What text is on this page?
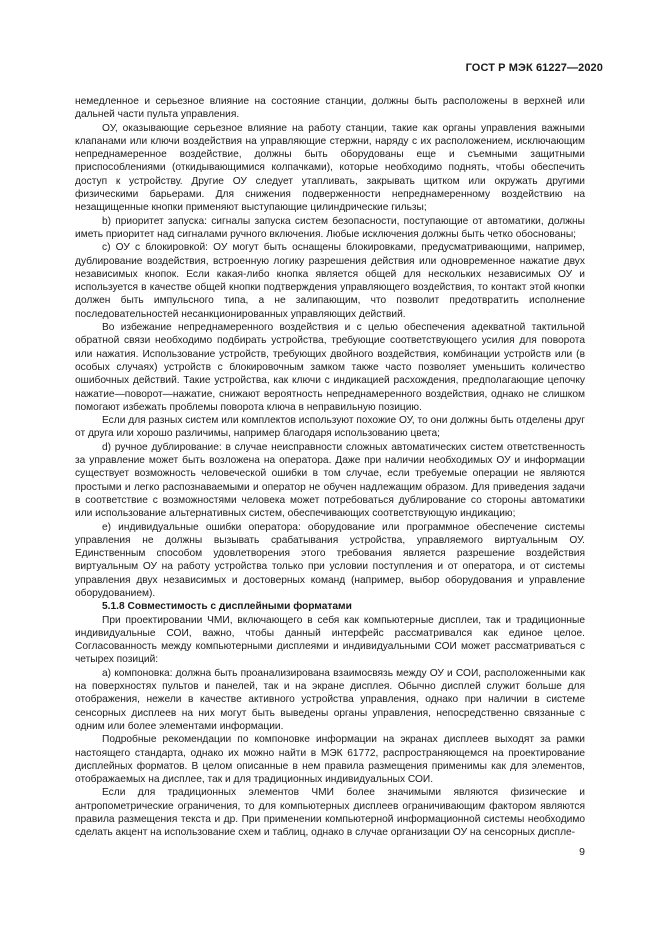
ГОСТ Р МЭК 61227—2020

немедленное и серьезное влияние на состояние станции, должны быть расположены в верхней или дальней части пульта управления.

ОУ, оказывающие серьезное влияние на работу станции, такие как органы управления важными клапанами или ключи воздействия на управляющие стержни, наряду с их расположением, исключающим непреднамеренное воздействие, должны быть оборудованы еще и съемными защитными приспособлениями (откидывающимися колпачками), которые необходимо поднять, чтобы обеспечить доступ к устройству. Другие ОУ следует утапливать, закрывать щитком или окружать другими физическими барьерами. Для снижения подверженности непреднамеренному воздействию на незащищенные кнопки применяют выступающие цилиндрические гильзы;

b) приоритет запуска: сигналы запуска систем безопасности, поступающие от автоматики, должны иметь приоритет над сигналами ручного включения. Любые исключения должны быть четко обоснованы;

c) ОУ с блокировкой: ОУ могут быть оснащены блокировками, предусматривающими, например, дублирование воздействия, встроенную логику разрешения действия или одновременное нажатие двух независимых кнопок. Если какая-либо кнопка является общей для нескольких независимых ОУ и используется в качестве общей кнопки подтверждения управляющего воздействия, то контакт этой кнопки должен быть импульсного типа, а не залипающим, что позволит предотвратить исполнение последовательностей несанкционированных управляющих действий.

Во избежание непреднамеренного воздействия и с целью обеспечения адекватной тактильной обратной связи необходимо подбирать устройства, требующие соответствующего усилия для поворота или нажатия. Использование устройств, требующих двойного воздействия, комбинации устройств или (в особых случаях) устройств с блокировочным замком также часто позволяет уменьшить количество ошибочных действий. Такие устройства, как ключи с индикацией расхождения, предполагающие цепочку нажатие—поворот—нажатие, снижают вероятность непреднамеренного воздействия, однако не слишком помогают избежать проблемы поворота ключа в неправильную позицию.

Если для разных систем или комплектов используют похожие ОУ, то они должны быть отделены друг от друга или хорошо различимы, например благодаря использованию цвета;

d) ручное дублирование: в случае неисправности сложных автоматических систем ответственность за управление может быть возложена на оператора. Даже при наличии необходимых ОУ и информации существует возможность человеческой ошибки в том случае, если требуемые операции не являются простыми и легко распознаваемыми и оператор не обучен надлежащим образом. Для приведения задачи в соответствие с возможностями человека может потребоваться дублирование со стороны автоматики или использование альтернативных систем, обеспечивающих соответствующую индикацию;

e) индивидуальные ошибки оператора: оборудование или программное обеспечение системы управления не должны вызывать срабатывания устройства, управляемого виртуальным ОУ. Единственным способом удовлетворения этого требования является разрешение воздействия виртуальным ОУ на работу устройства только при условии поступления и от оператора, и от системы управления двух независимых и достоверных команд (например, выбор оборудования и управление оборудованием).

5.1.8 Совместимость с дисплейными форматами

При проектировании ЧМИ, включающего в себя как компьютерные дисплеи, так и традиционные индивидуальные СОИ, важно, чтобы данный интерфейс рассматривался как единое целое. Согласованность между компьютерными дисплеями и индивидуальными СОИ может рассматриваться с четырех позиций:

a) компоновка: должна быть проанализирована взаимосвязь между ОУ и СОИ, расположенными как на поверхностях пультов и панелей, так и на экране дисплея. Обычно дисплей служит больше для отображения, нежели в качестве активного устройства управления, однако при наличии в системе сенсорных дисплеев на них могут быть выведены органы управления, непосредственно связанные с одним или более элементами информации.

Подробные рекомендации по компоновке информации на экранах дисплеев выходят за рамки настоящего стандарта, однако их можно найти в МЭК 61772, распространяющемся на проектирование дисплейных форматов. В целом описанные в нем правила размещения применимы как для элементов, отображаемых на дисплее, так и для традиционных индивидуальных СОИ.

Если для традиционных элементов ЧМИ более значимыми являются физические и антропометрические ограничения, то для компьютерных дисплеев ограничивающим фактором являются правила размещения текста и др. При применении компьютерной информационной системы необходимо сделать акцент на использование схем и таблиц, однако в случае организации ОУ на сенсорных диспле-

9
